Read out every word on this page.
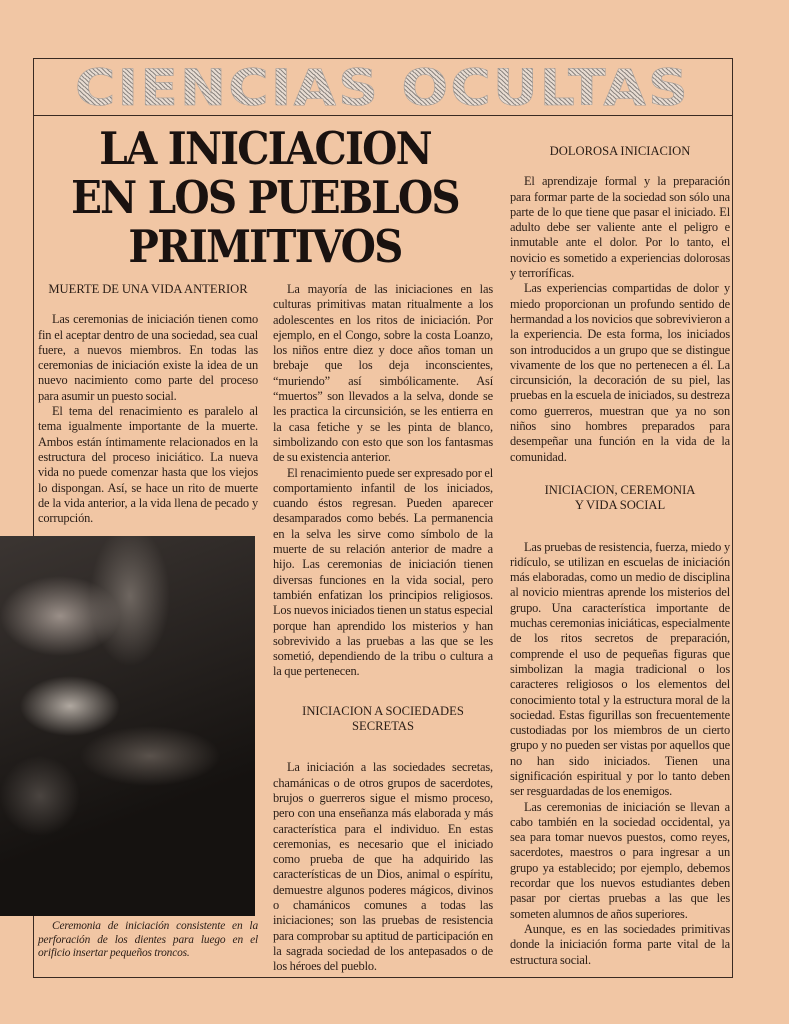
CIENCIAS OCULTAS
LA INICIACION
EN LOS PUEBLOS
PRIMITIVOS
MUERTE DE UNA VIDA ANTERIOR

Las ceremonias de iniciación tienen como fin el aceptar dentro de una sociedad, sea cual fuere, a nuevos miembros. En todas las ceremonias de iniciación existe la idea de un nuevo nacimiento como parte del proceso para asumir un puesto social.

El tema del renacimiento es paralelo al tema igualmente importante de la muerte. Ambos están íntimamente relacionados en la estructura del proceso iniciático. La nueva vida no puede comenzar hasta que los viejos lo dispongan. Así, se hace un rito de muerte de la vida anterior, a la vida llena de pecado y corrupción.

Ceremonia de iniciación consistente en la perforación de los dientes para luego en el orificio insertar pequeños troncos.

La mayoría de las iniciaciones en las culturas primitivas matan ritualmente a los adolescentes en los ritos de iniciación. Por ejemplo, en el Congo, sobre la costa Loanzo, los niños entre diez y doce años toman un brebaje que los deja inconscientes, “muriendo” así simbólicamente. Así “muertos” son llevados a la selva, donde se les practica la circunsición, se les entierra en la casa fetiche y se les pinta de blanco, simbolizando con esto que son los fantasmas de su existencia anterior.

El renacimiento puede ser expresado por el comportamiento infantil de los iniciados, cuando éstos regresan. Pueden aparecer desamparados como bebés. La permanencia en la selva les sirve como símbolo de la muerte de su relación anterior de madre a hijo. Las ceremonias de iniciación tienen diversas funciones en la vida social, pero también enfatizan los principios religiosos. Los nuevos iniciados tienen un status especial porque han aprendido los misterios y han sobrevivido a las pruebas a las que se les sometió, dependiendo de la tribu o cultura a la que pertenecen.

INICIACION A SOCIEDADES
SECRETAS

La iniciación a las sociedades secretas, chamánicas o de otros grupos de sacerdotes, brujos o guerreros sigue el mismo proceso, pero con una enseñanza más elaborada y más característica para el individuo. En estas ceremonias, es necesario que el iniciado como prueba de que ha adquirido las características de un Dios, animal o espíritu, demuestre algunos poderes mágicos, divinos o chamánicos comunes a todas las iniciaciones; son las pruebas de resistencia para comprobar su aptitud de participación en la sagrada sociedad de los antepasados o de los héroes del pueblo.

DOLOROSA INICIACION

El aprendizaje formal y la preparación para formar parte de la sociedad son sólo una parte de lo que tiene que pasar el iniciado. El adulto debe ser valiente ante el peligro e inmutable ante el dolor. Por lo tanto, el novicio es sometido a experiencias dolorosas y terroríficas.

Las experiencias compartidas de dolor y miedo proporcionan un profundo sentido de hermandad a los novicios que sobrevivieron a la experiencia. De esta forma, los iniciados son introducidos a un grupo que se distingue vivamente de los que no pertenecen a él. La circunsición, la decoración de su piel, las pruebas en la escuela de iniciados, su destreza como guerreros, muestran que ya no son niños sino hombres preparados para desempeñar una función en la vida de la comunidad.

INICIACION, CEREMONIA
Y VIDA SOCIAL

Las pruebas de resistencia, fuerza, miedo y ridículo, se utilizan en escuelas de iniciación más elaboradas, como un medio de disciplina al novicio mientras aprende los misterios del grupo. Una característica importante de muchas ceremonias iniciáticas, especialmente de los ritos secretos de preparación, comprende el uso de pequeñas figuras que simbolizan la magia tradicional o los caracteres religiosos o los elementos del conocimiento total y la estructura moral de la sociedad. Estas figurillas son frecuentemente custodiadas por los miembros de un cierto grupo y no pueden ser vistas por aquellos que no han sido iniciados. Tienen una significación espiritual y por lo tanto deben ser resguardadas de los enemigos.

Las ceremonias de iniciación se llevan a cabo también en la sociedad occidental, ya sea para tomar nuevos puestos, como reyes, sacerdotes, maestros o para ingresar a un grupo ya establecido; por ejemplo, debemos recordar que los nuevos estudiantes deben pasar por ciertas pruebas a las que les someten alumnos de años superiores.

Aunque, es en las sociedades primitivas donde la iniciación forma parte vital de la estructura social.
